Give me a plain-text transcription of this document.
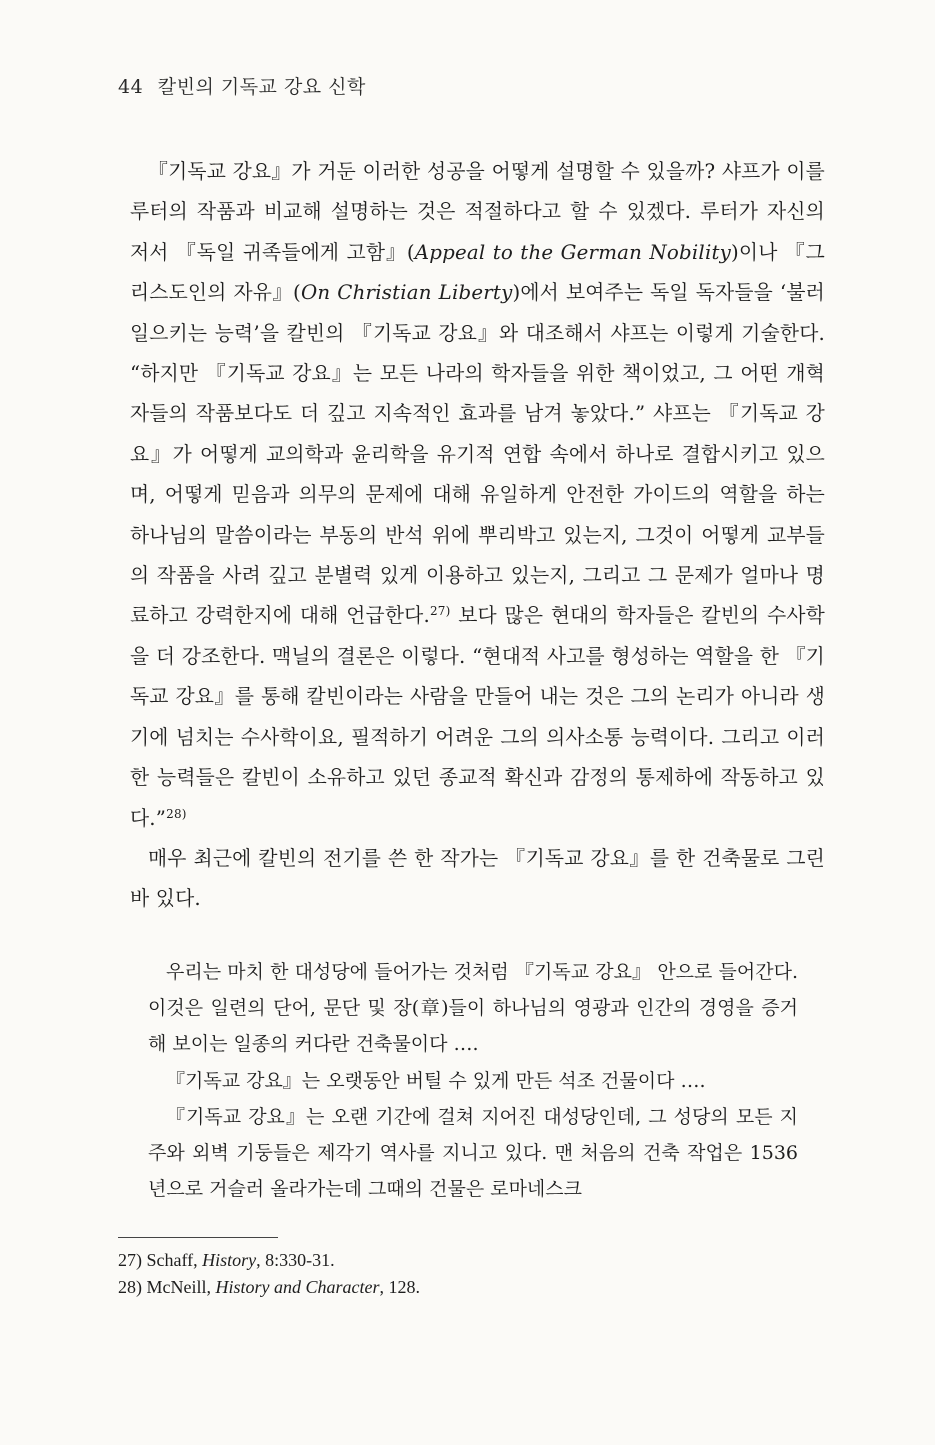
44 칼빈의 기독교 강요 신학

『기독교 강요』가 거둔 이러한 성공을 어떻게 설명할 수 있을까? 샤프가 이를 루터의 작품과 비교해 설명하는 것은 적절하다고 할 수 있겠다. 루터가 자신의 저서 『독일 귀족들에게 고함』(Appeal to the German Nobility)이나 『그리스도인의 자유』(On Christian Liberty)에서 보여주는 독일 독자들을 ‘불러일으키는 능력’을 칼빈의 『기독교 강요』와 대조해서 샤프는 이렇게 기술한다. “하지만 『기독교 강요』는 모든 나라의 학자들을 위한 책이었고, 그 어떤 개혁자들의 작품보다도 더 깊고 지속적인 효과를 남겨 놓았다.” 샤프는 『기독교 강요』가 어떻게 교의학과 윤리학을 유기적 연합 속에서 하나로 결합시키고 있으며, 어떻게 믿음과 의무의 문제에 대해 유일하게 안전한 가이드의 역할을 하는 하나님의 말씀이라는 부동의 반석 위에 뿌리박고 있는지, 그것이 어떻게 교부들의 작품을 사려 깊고 분별력 있게 이용하고 있는지, 그리고 그 문제가 얼마나 명료하고 강력한지에 대해 언급한다.$^{27)}$ 보다 많은 현대의 학자들은 칼빈의 수사학을 더 강조한다. 맥닐의 결론은 이렇다. “현대적 사고를 형성하는 역할을 한 『기독교 강요』를 통해 칼빈이라는 사람을 만들어 내는 것은 그의 논리가 아니라 생기에 넘치는 수사학이요, 필적하기 어려운 그의 의사소통 능력이다. 그리고 이러한 능력들은 칼빈이 소유하고 있던 종교적 확신과 감정의 통제하에 작동하고 있다.”$^{28)}$

매우 최근에 칼빈의 전기를 쓴 한 작가는 『기독교 강요』를 한 건축물로 그린 바 있다.

우리는 마치 한 대성당에 들어가는 것처럼 『기독교 강요』 안으로 들어간다. 이것은 일련의 단어, 문단 및 장(章)들이 하나님의 영광과 인간의 경영을 증거해 보이는 일종의 커다란 건축물이다 ….

『기독교 강요』는 오랫동안 버틸 수 있게 만든 석조 건물이다 ….

『기독교 강요』는 오랜 기간에 걸쳐 지어진 대성당인데, 그 성당의 모든 지주와 외벽 기둥들은 제각기 역사를 지니고 있다. 맨 처음의 건축 작업은 1536년으로 거슬러 올라가는데 그때의 건물은 로마네스크

27) Schaff, History, 8:330-31.
28) McNeill, History and Character, 128.
